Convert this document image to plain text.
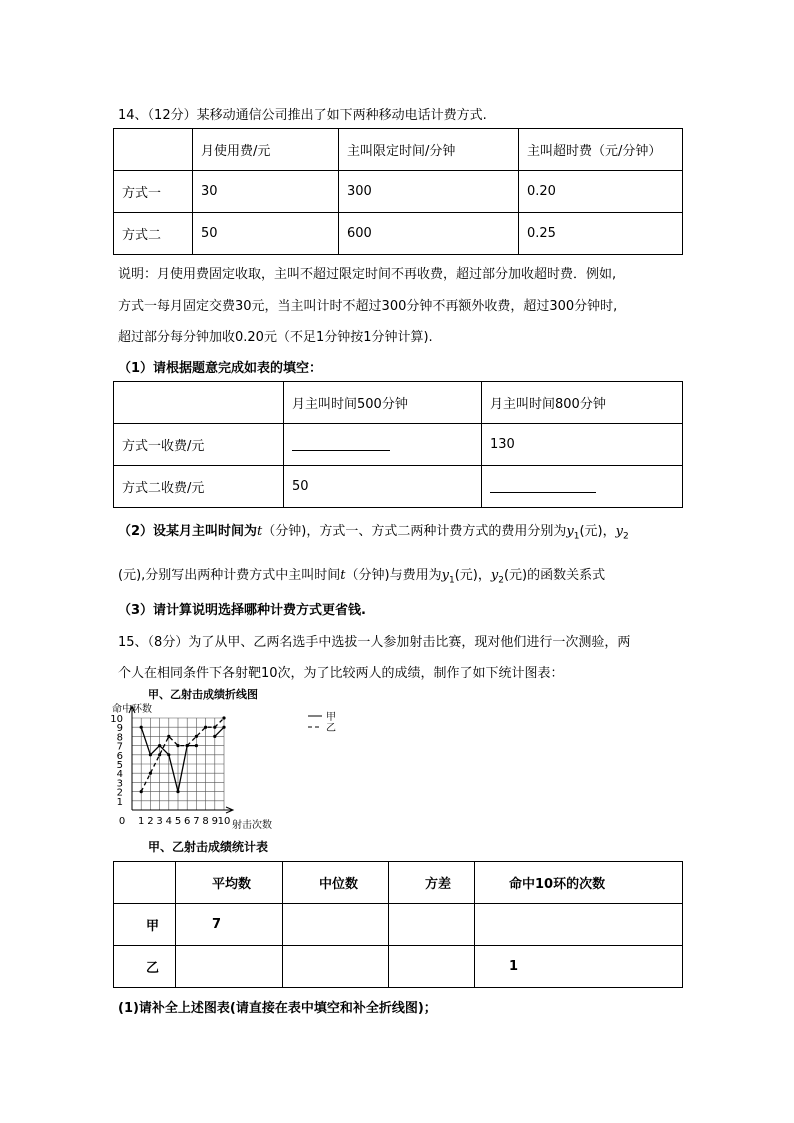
14、（12分）某移动通信公司推出了如下两种移动电话计费方式.
	月使用费/元	主叫限定时间/分钟	主叫超时费（元/分钟）
方式一	30	300	0.20
方式二	50	600	0.25
说明：月使用费固定收取，主叫不超过限定时间不再收费，超过部分加收超时费．例如,
方式一每月固定交费30元，当主叫计时不超过300分钟不再额外收费，超过300分钟时,
超过部分每分钟加收0.20元（不足1分钟按1分钟计算).
（1）请根据题意完成如表的填空：
	月主叫时间500分钟	月主叫时间800分钟
方式一收费/元		130
方式二收费/元	50	
（2）设某月主叫时间为t（分钟)，方式一、方式二两种计费方式的费用分别为$y_1$(元)，$y_2$
(元),分别写出两种计费方式中主叫时间t（分钟)与费用为$y_1$(元)，$y_2$(元)的函数关系式
（3）请计算说明选择哪种计费方式更省钱.
15、（8分）为了从甲、乙两名选手中选拔一人参加射击比赛，现对他们进行一次测验，两
个人在相同条件下各射靶10次，为了比较两人的成绩，制作了如下统计图表：
甲、乙射击成绩折线图
1
2
3
4
5
6
7
8
9
10
0 1 2 3 4 5 6 7 8 9 10
命中环数
射击次数
甲
乙
甲、乙射击成绩统计表
	平均数	中位数	方差	命中10环的次数
甲	7			
乙				1
(1)请补全上述图表(请直接在表中填空和补全折线图)；
